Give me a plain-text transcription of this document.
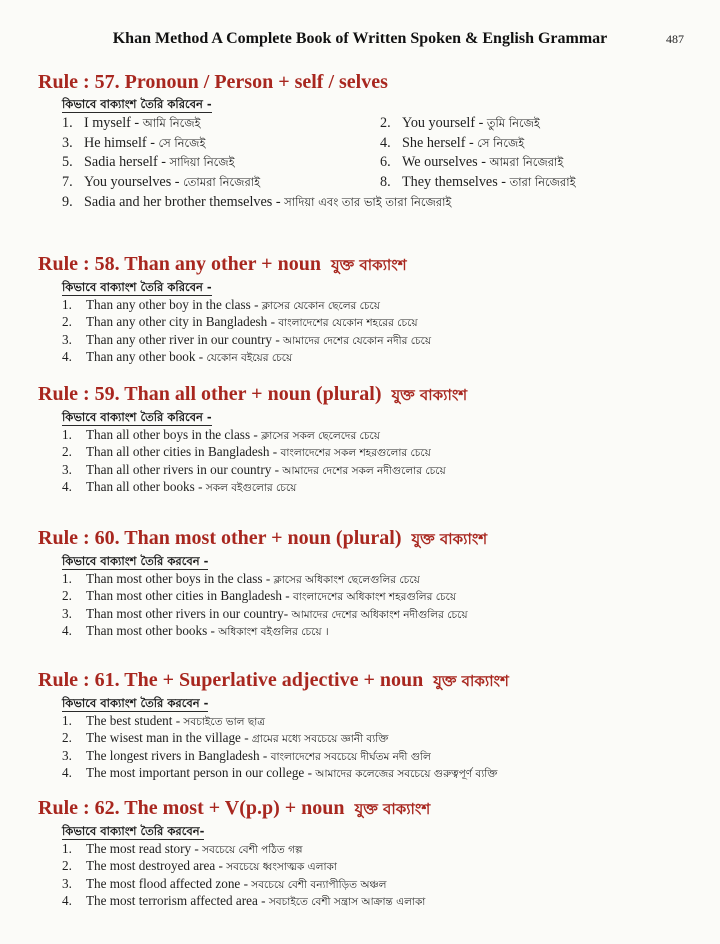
Khan Method A Complete Book of Written Spoken & English Grammar	487
Rule : 57. Pronoun / Person + self / selves
কিভাবে বাক্যাংশ তৈরি করিবেন -
1. I myself - আমি নিজেই	2. You yourself - তুমি নিজেই
3. He himself - সে নিজেই	4. She herself - সে নিজেই
5. Sadia herself - সাদিয়া নিজেই	6. We ourselves - আমরা নিজেরাই
7. You yourselves - তোমরা নিজেরাই	8. They themselves - তারা নিজেরাই
9. Sadia and her brother themselves - সাদিয়া এবং তার ভাই তারা নিজেরাই
Rule : 58. Than any other + noun যুক্ত বাক্যাংশ
কিভাবে বাক্যাংশ তৈরি করিবেন -
1. Than any other boy in the class - ক্লাসের যেকোন ছেলের চেয়ে
2. Than any other city in Bangladesh - বাংলাদেশের যেকোন শহরের চেয়ে
3. Than any other river in our country - আমাদের দেশের যেকোন নদীর চেয়ে
4. Than any other book - যেকোন বইয়ের চেয়ে
Rule : 59. Than all other + noun (plural) যুক্ত বাক্যাংশ
কিভাবে বাক্যাংশ তৈরি করিবেন -
1. Than all other boys in the class - ক্লাসের সকল ছেলেদের চেয়ে
2. Than all other cities in Bangladesh - বাংলাদেশের সকল শহরগুলোর চেয়ে
3. Than all other rivers in our country - আমাদের দেশের সকল নদীগুলোর চেয়ে
4. Than all other books - সকল বইগুলোর চেয়ে
Rule : 60. Than most other + noun (plural) যুক্ত বাক্যাংশ
কিভাবে বাক্যাংশ তৈরি করবেন -
1. Than most other boys in the class - ক্লাসের অধিকাংশ ছেলেগুলির চেয়ে
2. Than most other cities in Bangladesh - বাংলাদেশের অধিকাংশ শহরগুলির চেয়ে
3. Than most other rivers in our country- আমাদের দেশের অধিকাংশ নদীগুলির চেয়ে
4. Than most other books - অধিকাংশ বইগুলির চেয়ে ।
Rule : 61. The + Superlative adjective + noun যুক্ত বাক্যাংশ
কিভাবে বাক্যাংশ তৈরি করবেন -
1. The best student - সবচাইতে ভাল ছাত্র
2. The wisest man in the village - গ্রামের মধ্যে সবচেয়ে জ্ঞানী ব্যক্তি
3. The longest rivers in Bangladesh - বাংলাদেশের সবচেয়ে দীর্ঘতম নদী গুলি
4. The most important person in our college - আমাদের কলেজের সবচেয়ে গুরুত্বপূর্ণ ব্যক্তি
Rule : 62. The most + V(p.p) + noun যুক্ত বাক্যাংশ
কিভাবে বাক্যাংশ তৈরি করবেন-
1. The most read story - সবচেয়ে বেশী পঠিত গল্প
2. The most destroyed area - সবচেয়ে ধ্বংসাত্মক এলাকা
3. The most flood affected zone - সবচেয়ে বেশী বন্যাপীড়িত অঞ্চল
4. The most terrorism affected area - সবচাইতে বেশী সন্ত্রাস আক্রান্ত এলাকা
